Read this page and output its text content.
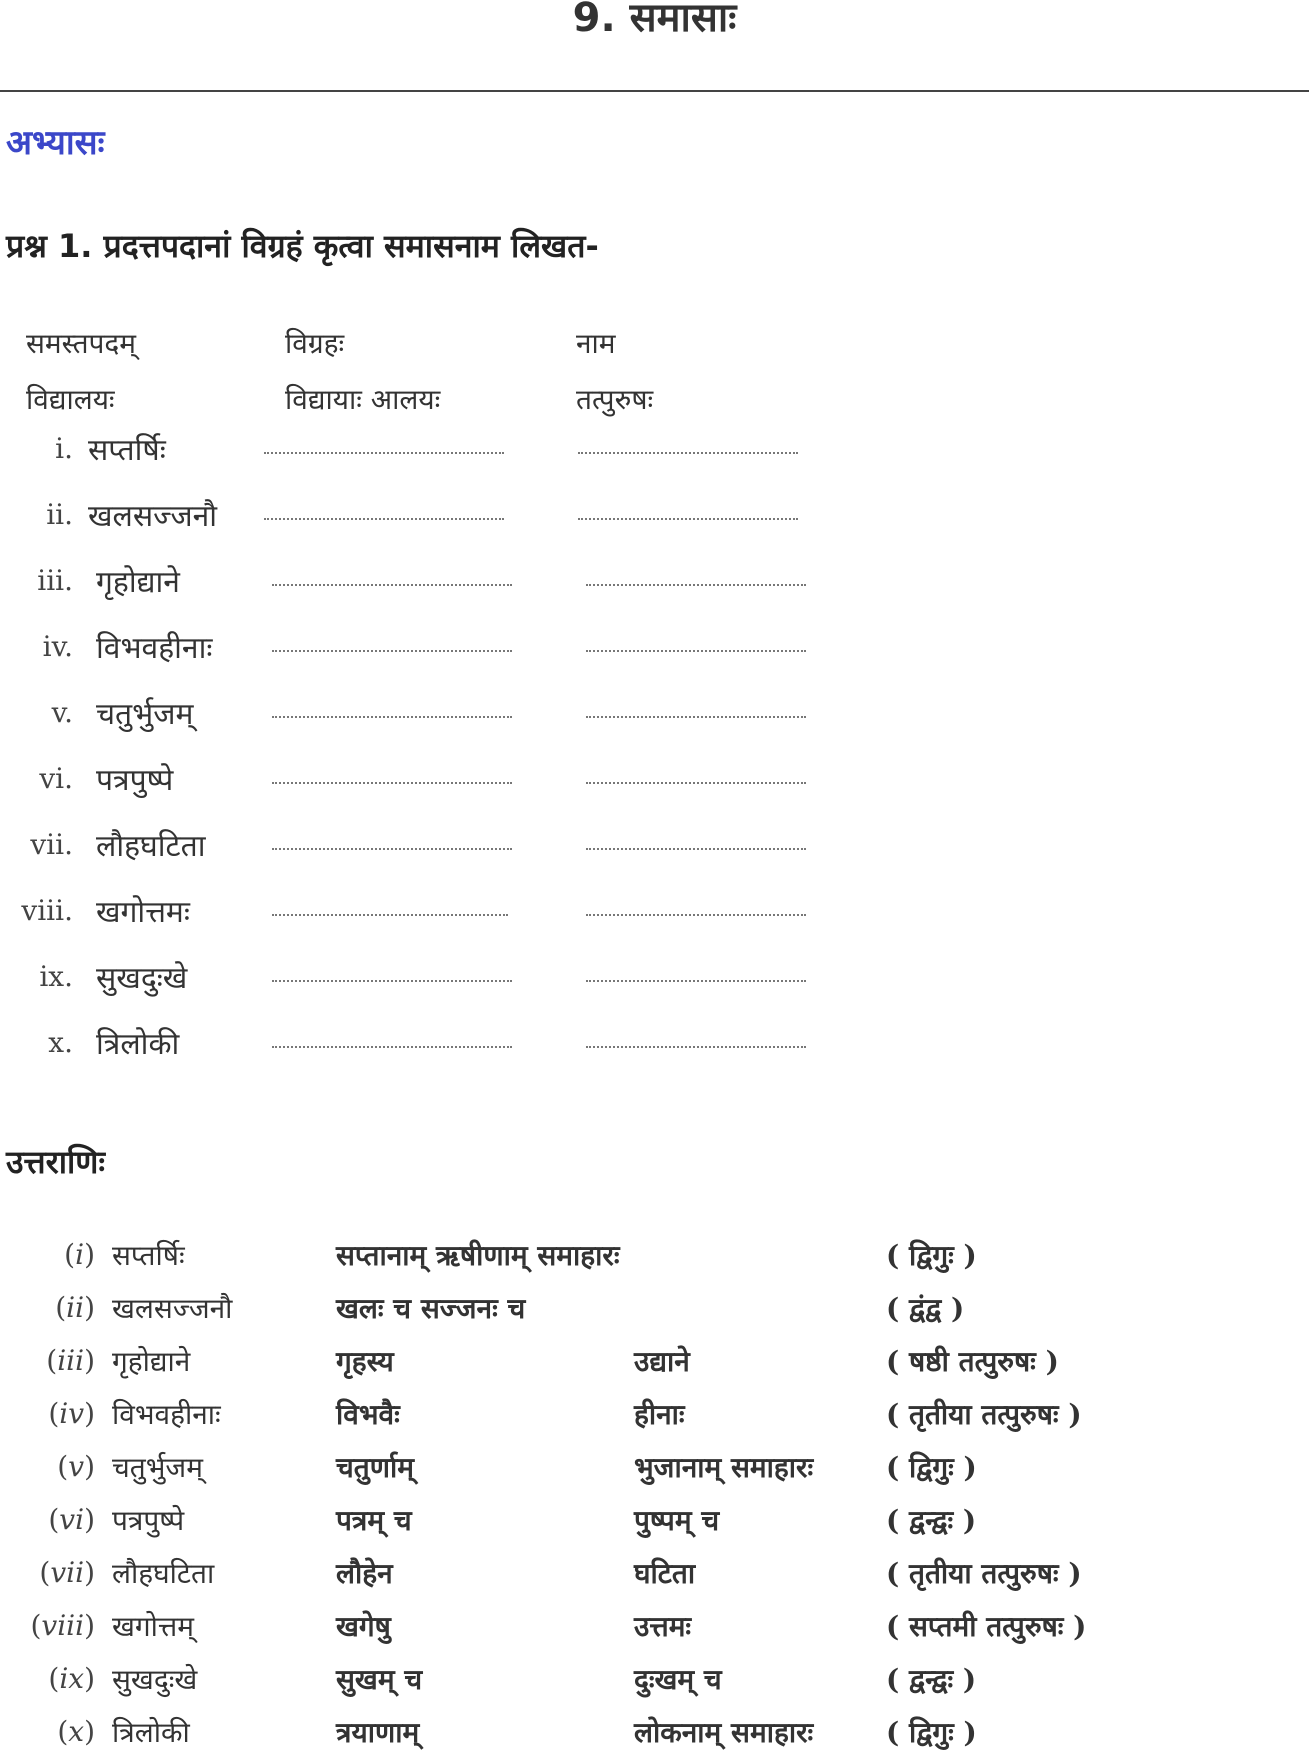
9. समासाः
अभ्यासः
प्रश्न 1. प्रदत्तपदानां विग्रहं कृत्वा समासनाम लिखत-
समस्तपदम्	विग्रहः	नाम
विद्यालयः	विद्यायाः आलयः	तत्पुरुषः
i. सप्तर्षिः
ii. खलसज्जनौ
iii. गृहोद्याने
iv. विभवहीनाः
v. चतुर्भुजम्
vi. पत्रपुष्पे
vii. लौहघटिता
viii. खगोत्तमः
ix. सुखदुःखे
x. त्रिलोकी
उत्तराणिः
(i) सप्तर्षिः	सप्तानाम् ऋषीणाम् समाहारः	( द्विगुः )
(ii) खलसज्जनौ	खलः च सज्जनः च	( द्वंद्व )
(iii) गृहोद्याने	गृहस्य	उद्याने	( षष्ठी तत्पुरुषः )
(iv) विभवहीनाः	विभवैः	हीनाः	( तृतीया तत्पुरुषः )
(v) चतुर्भुजम्	चतुर्णाम्	भुजानाम् समाहारः	( द्विगुः )
(vi) पत्रपुष्पे	पत्रम् च	पुष्पम् च	( द्वन्द्वः )
(vii) लौहघटिता	लौहेन	घटिता	( तृतीया तत्पुरुषः )
(viii) खगोत्तम्	खगेषु	उत्तमः	( सप्तमी तत्पुरुषः )
(ix) सुखदुःखे	सुखम् च	दुःखम् च	( द्वन्द्वः )
(x) त्रिलोकी	त्रयाणाम्	लोकनाम् समाहारः	( द्विगुः )
